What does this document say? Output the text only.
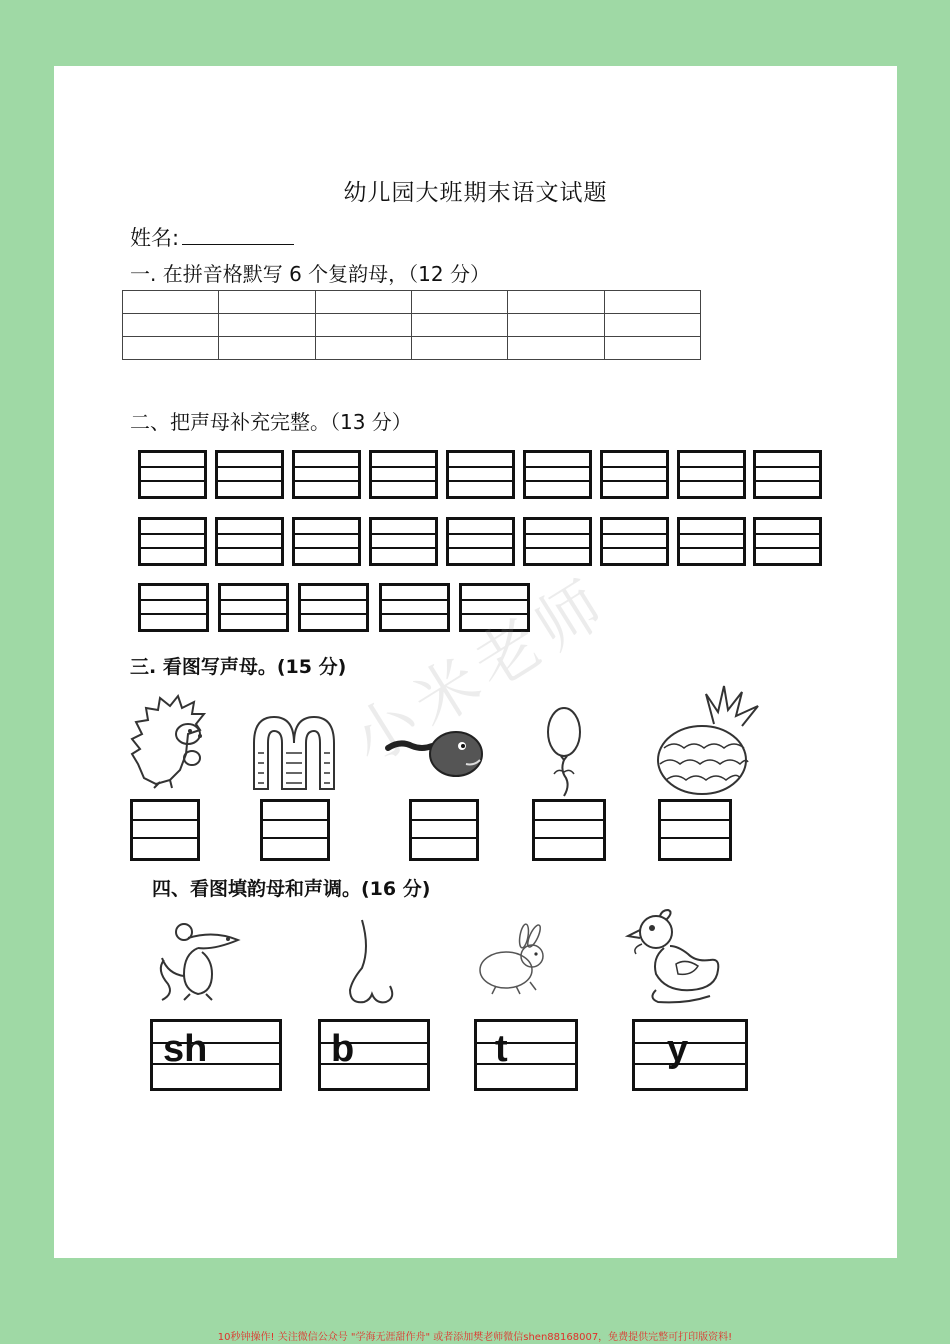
幼儿园大班期末语文试题
姓名:
一. 在拼音格默写 6 个复韵母，（12 分）
二、把声母补充完整。（13 分）
小米老师
三. 看图写声母。(15 分)
四、看图填韵母和声调。(16 分)
sh	b	t	y
10秒钟操作! 关注微信公众号 "学海无涯甜作舟" 或者添加樊老师微信shen88168007，免费提供完整可打印版资料!
